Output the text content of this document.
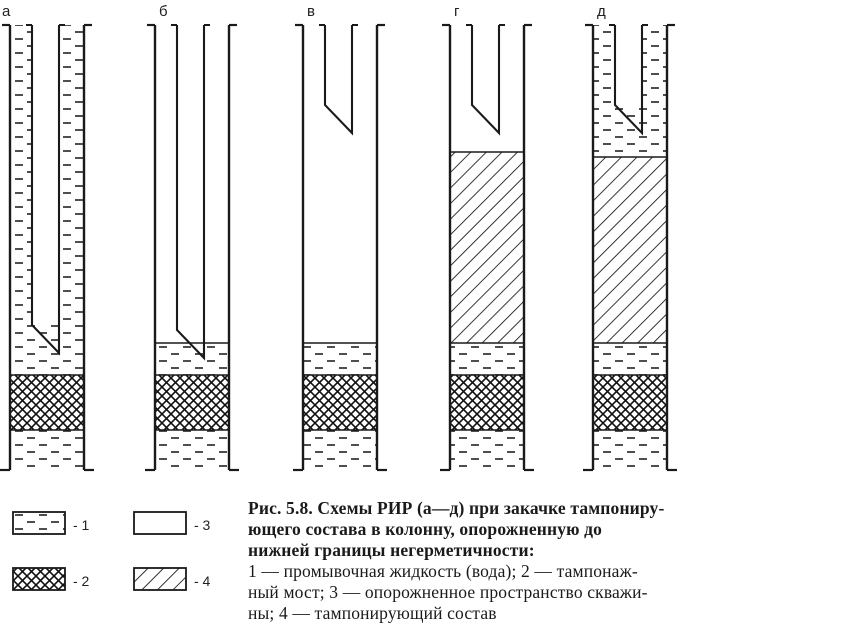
а	б	в	г	д
- 1
- 2
- 3
- 4
Рис. 5.8. Схемы РИР (а—д) при закачке тампониру-
ющего состава в колонну, опорожненную до
нижней границы негерметичности:
1 — промывочная жидкость (вода); 2 — тампонаж-
ный мост; 3 — опорожненное пространство скважи-
ны; 4 — тампонирующий состав
